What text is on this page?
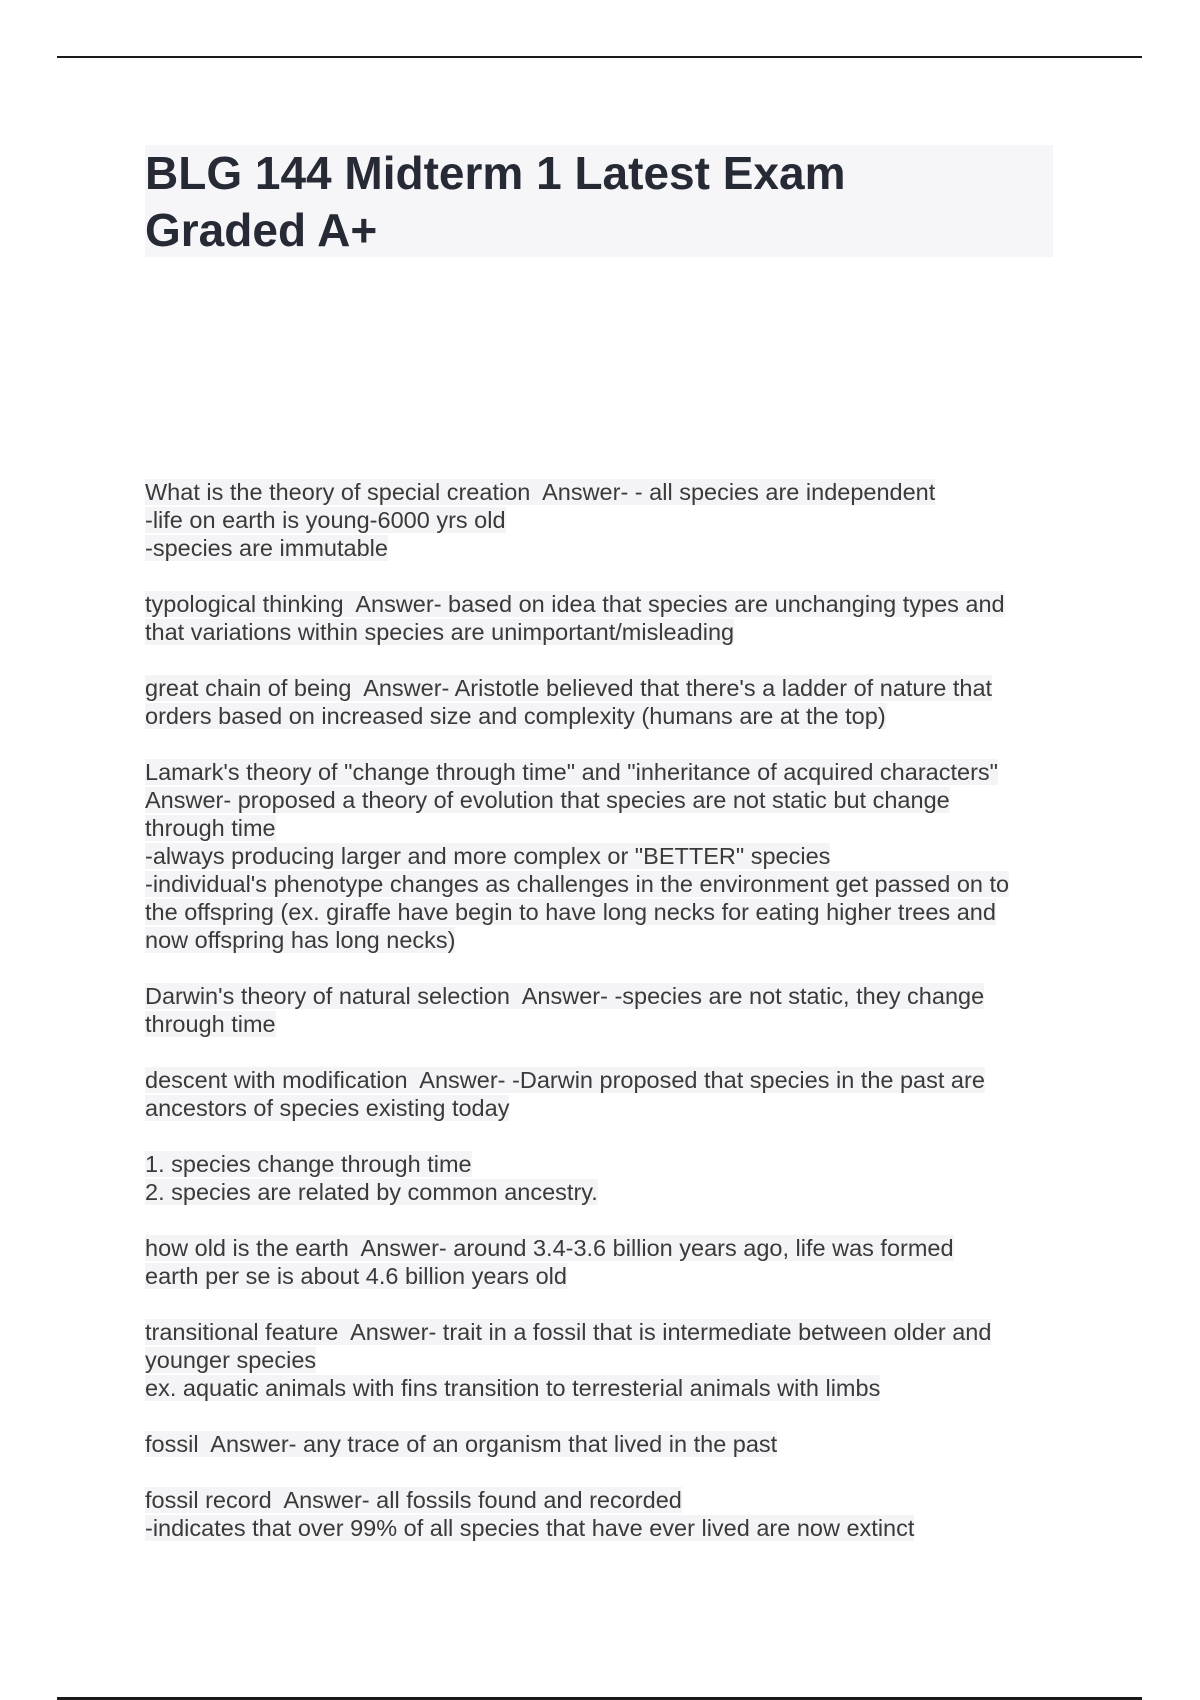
BLG 144 Midterm 1 Latest Exam
Graded A+
What is the theory of special creation  Answer- - all species are independent
-life on earth is young-6000 yrs old
-species are immutable
typological thinking  Answer- based on idea that species are unchanging types and
that variations within species are unimportant/misleading
great chain of being  Answer- Aristotle believed that there's a ladder of nature that
orders based on increased size and complexity (humans are at the top)
Lamark's theory of "change through time" and "inheritance of acquired characters"
Answer- proposed a theory of evolution that species are not static but change
through time
-always producing larger and more complex or "BETTER" species
-individual's phenotype changes as challenges in the environment get passed on to
the offspring (ex. giraffe have begin to have long necks for eating higher trees and
now offspring has long necks)
Darwin's theory of natural selection  Answer- -species are not static, they change
through time
descent with modification  Answer- -Darwin proposed that species in the past are
ancestors of species existing today
1. species change through time
2. species are related by common ancestry.
how old is the earth  Answer- around 3.4-3.6 billion years ago, life was formed
earth per se is about 4.6 billion years old
transitional feature  Answer- trait in a fossil that is intermediate between older and
younger species
ex. aquatic animals with fins transition to terresterial animals with limbs
fossil  Answer- any trace of an organism that lived in the past
fossil record  Answer- all fossils found and recorded
-indicates that over 99% of all species that have ever lived are now extinct
